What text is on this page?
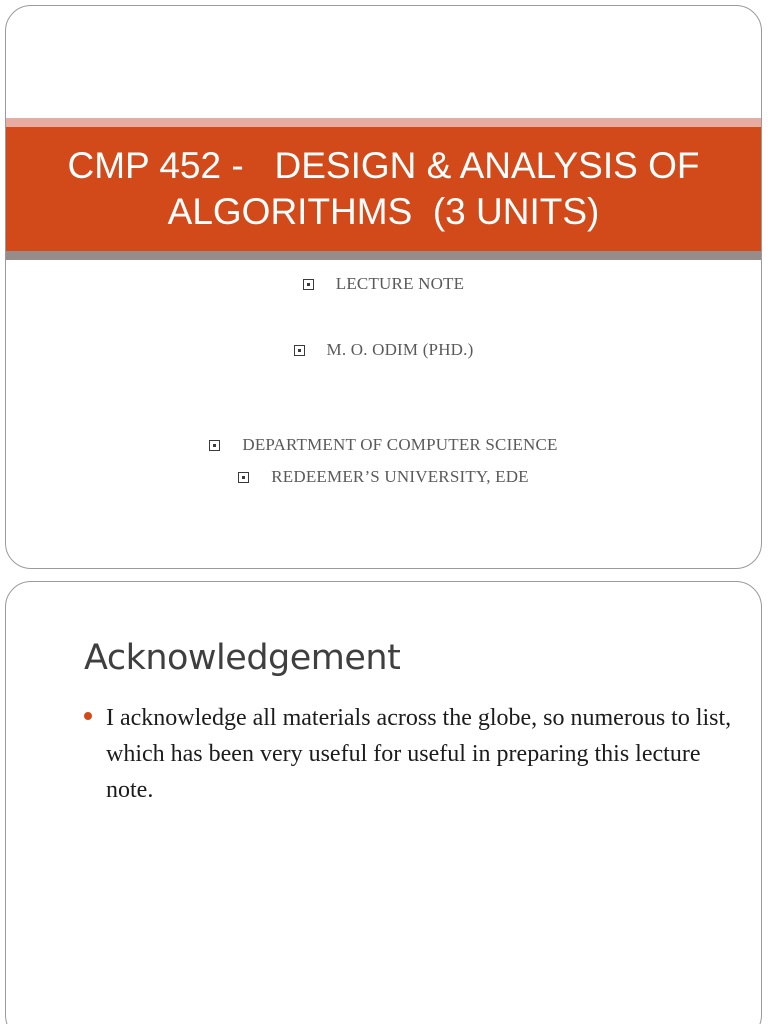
CMP 452 -   DESIGN & ANALYSIS OF
ALGORITHMS  (3 UNITS)
LECTURE NOTE
M. O. ODIM (PHD.)
DEPARTMENT OF COMPUTER SCIENCE
REDEEMER’S UNIVERSITY, EDE
Acknowledgement

I acknowledge all materials across the globe, so numerous to list, which has been very useful for useful in preparing this lecture note.
